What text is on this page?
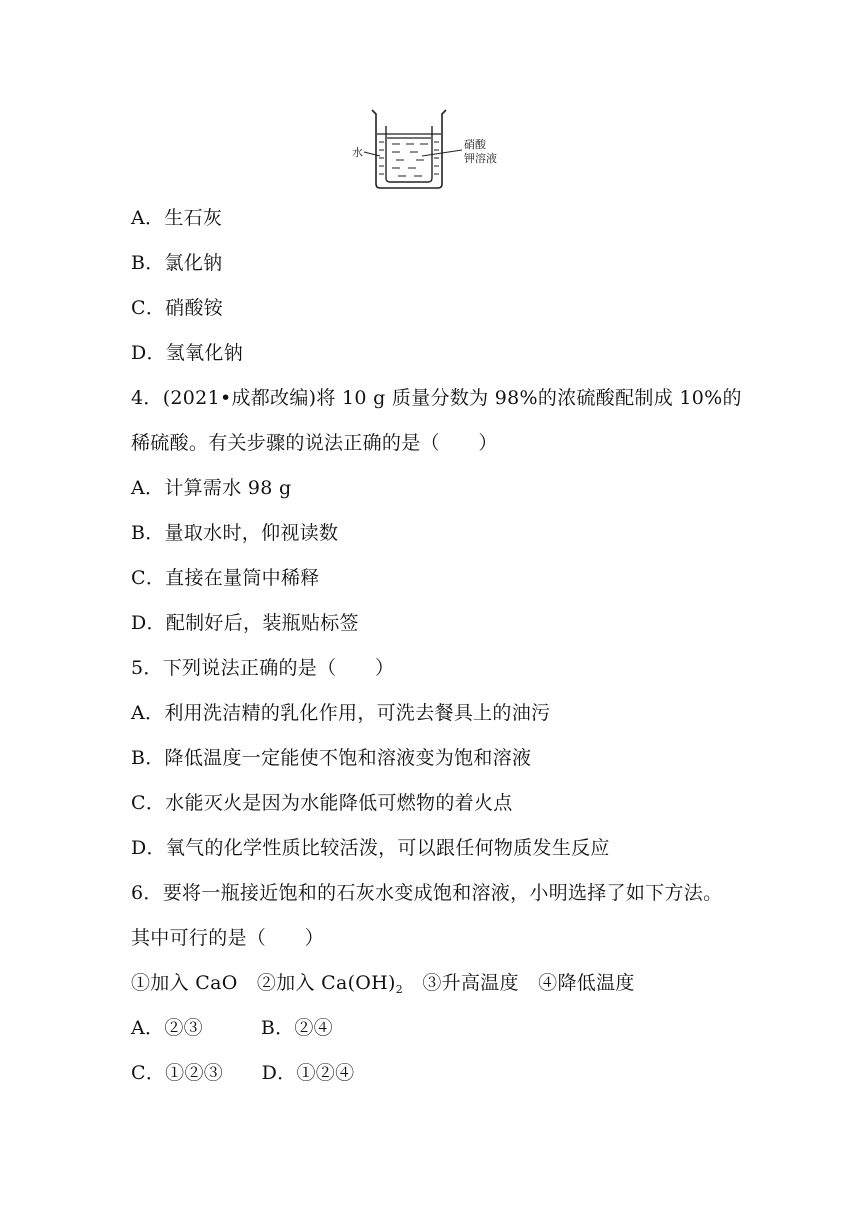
水
硝酸
钾溶液
A．生石灰
B．氯化钠
C．硝酸铵
D．氢氧化钠
4．(2021•成都改编)将 10 g 质量分数为 98%的浓硫酸配制成 10%的
稀硫酸。有关步骤的说法正确的是（　　）
A．计算需水 98 g
B．量取水时，仰视读数
C．直接在量筒中稀释
D．配制好后，装瓶贴标签
5．下列说法正确的是（　　）
A．利用洗洁精的乳化作用，可洗去餐具上的油污
B．降低温度一定能使不饱和溶液变为饱和溶液
C．水能灭火是因为水能降低可燃物的着火点
D．氧气的化学性质比较活泼，可以跟任何物质发生反应
6．要将一瓶接近饱和的石灰水变成饱和溶液，小明选择了如下方法。
其中可行的是（　　）
①加入 CaO　②加入 $Ca(OH)_2$　③升高温度　④降低温度
A．②③　　　B．②④
C．①②③　　D．①②④
